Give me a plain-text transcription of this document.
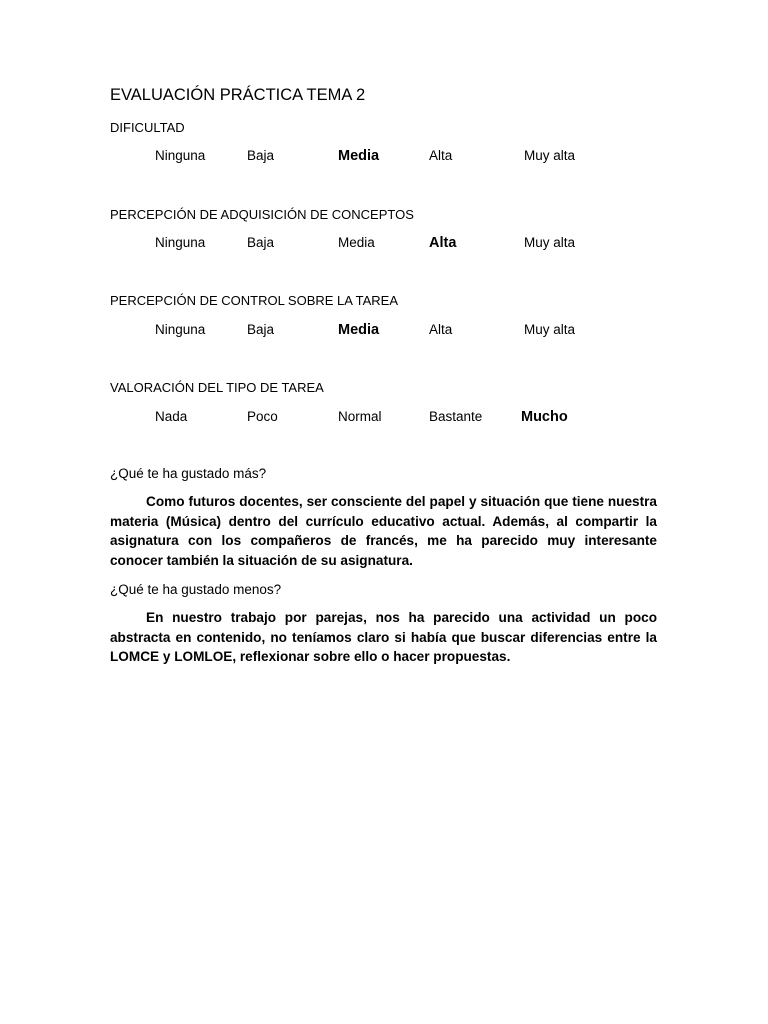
EVALUACIÓN PRÁCTICA TEMA 2
DIFICULTAD
Ninguna	Baja	Media	Alta	Muy alta
PERCEPCIÓN DE ADQUISICIÓN DE CONCEPTOS
Ninguna	Baja	Media	Alta	Muy alta
PERCEPCIÓN DE CONTROL SOBRE LA TAREA
Ninguna	Baja	Media	Alta	Muy alta
VALORACIÓN DEL TIPO DE TAREA
Nada	Poco	Normal	Bastante	Mucho
¿Qué te ha gustado más?

Como futuros docentes, ser consciente del papel y situación que tiene nuestra materia (Música) dentro del currículo educativo actual. Además, al compartir la asignatura con los compañeros de francés, me ha parecido muy interesante conocer también la situación de su asignatura.

¿Qué te ha gustado menos?

En nuestro trabajo por parejas, nos ha parecido una actividad un poco abstracta en contenido, no teníamos claro si había que buscar diferencias entre la LOMCE y LOMLOE, reflexionar sobre ello o hacer propuestas.
